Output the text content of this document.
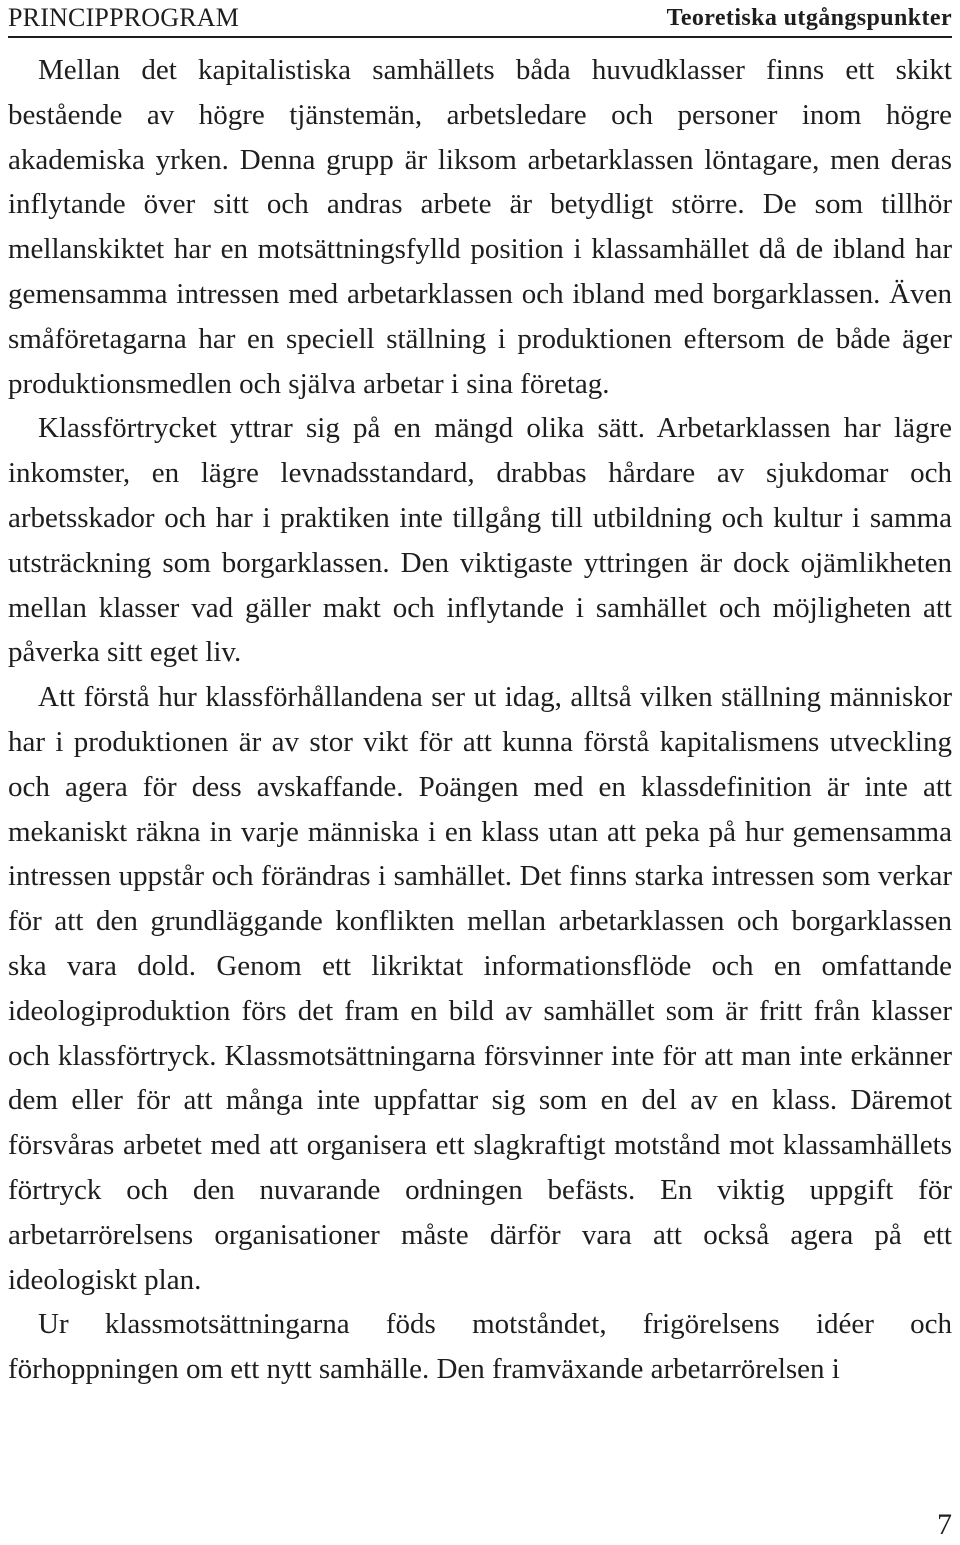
PRINCIPPROGRAM	Teoretiska utgångspunkter

Mellan det kapitalistiska samhällets båda huvudklasser finns ett skikt bestående av högre tjänstemän, arbetsledare och personer inom högre akademiska yrken. Denna grupp är liksom arbetarklassen löntagare, men deras inflytande över sitt och andras arbete är betydligt större. De som tillhör mellanskiktet har en motsättningsfylld position i klassamhället då de ibland har gemensamma intressen med arbetarklassen och ibland med borgarklassen. Även småföretagarna har en speciell ställning i produktionen eftersom de både äger produktionsmedlen och själva arbetar i sina företag.

Klassförtrycket yttrar sig på en mängd olika sätt. Arbetarklassen har lägre inkomster, en lägre levnadsstandard, drabbas hårdare av sjukdomar och arbetsskador och har i praktiken inte tillgång till utbildning och kultur i samma utsträckning som borgarklassen. Den viktigaste yttringen är dock ojämlikheten mellan klasser vad gäller makt och inflytande i samhället och möjligheten att påverka sitt eget liv.

Att förstå hur klassförhållandena ser ut idag, alltså vilken ställning människor har i produktionen är av stor vikt för att kunna förstå kapitalismens utveckling och agera för dess avskaffande. Poängen med en klassdefinition är inte att mekaniskt räkna in varje människa i en klass utan att peka på hur gemensamma intressen uppstår och förändras i samhället. Det finns starka intressen som verkar för att den grundläggande konflikten mellan arbetarklassen och borgarklassen ska vara dold. Genom ett likriktat informationsflöde och en omfattande ideologiproduktion förs det fram en bild av samhället som är fritt från klasser och klassförtryck. Klassmotsättningarna försvinner inte för att man inte erkänner dem eller för att många inte uppfattar sig som en del av en klass. Däremot försvåras arbetet med att organisera ett slagkraftigt motstånd mot klassamhällets förtryck och den nuvarande ordningen befästs. En viktig uppgift för arbetarrörelsens organisationer måste därför vara att också agera på ett ideologiskt plan.

Ur klassmotsättningarna föds motståndet, frigörelsens idéer och förhoppningen om ett nytt samhälle. Den framväxande arbetarrörelsen i

7
